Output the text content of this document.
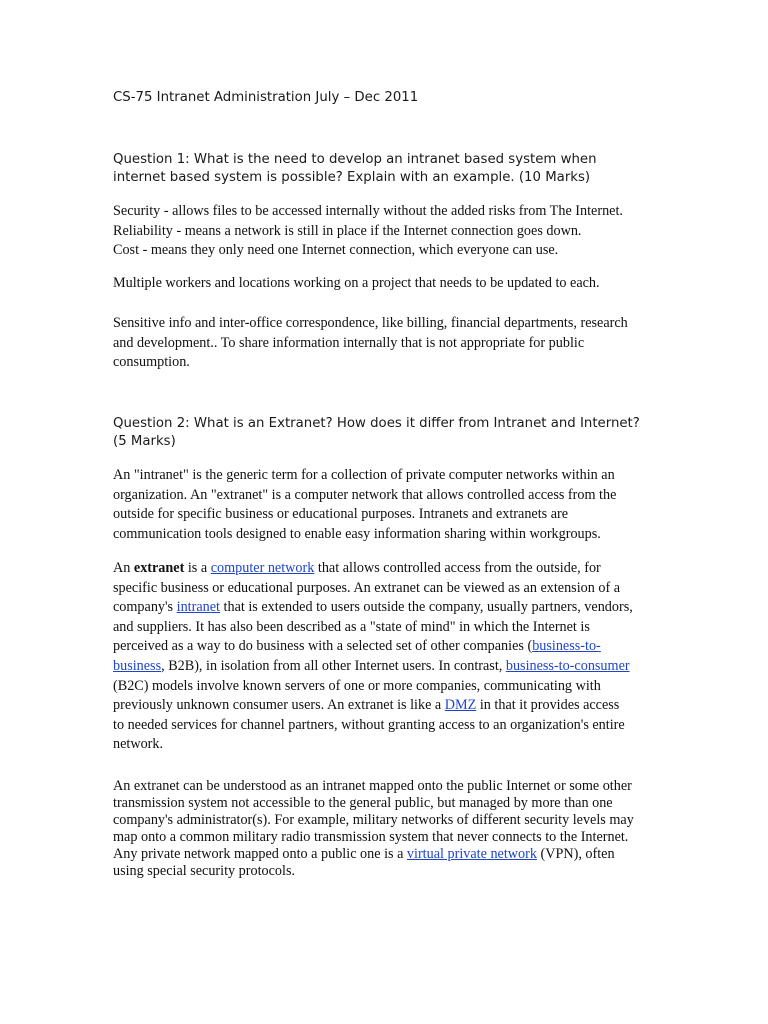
CS-75 Intranet Administration July – Dec 2011
Question 1: What is the need to develop an intranet based system when
internet based system is possible? Explain with an example. (10 Marks)
Security - allows files to be accessed internally without the added risks from The Internet.
Reliability - means a network is still in place if the Internet connection goes down.
Cost - means they only need one Internet connection, which everyone can use.
Multiple workers and locations working on a project that needs to be updated to each.
Sensitive info and inter-office correspondence, like billing, financial departments, research
and development.. To share information internally that is not appropriate for public
consumption.
Question 2: What is an Extranet? How does it differ from Intranet and Internet?
(5 Marks)
An "intranet" is the generic term for a collection of private computer networks within an
organization. An "extranet" is a computer network that allows controlled access from the
outside for specific business or educational purposes. Intranets and extranets are
communication tools designed to enable easy information sharing within workgroups.
An extranet is a computer network that allows controlled access from the outside, for
specific business or educational purposes. An extranet can be viewed as an extension of a
company's intranet that is extended to users outside the company, usually partners, vendors,
and suppliers. It has also been described as a "state of mind" in which the Internet is
perceived as a way to do business with a selected set of other companies (business-to-
business, B2B), in isolation from all other Internet users. In contrast, business-to-consumer
(B2C) models involve known servers of one or more companies, communicating with
previously unknown consumer users. An extranet is like a DMZ in that it provides access
to needed services for channel partners, without granting access to an organization's entire
network.
An extranet can be understood as an intranet mapped onto the public Internet or some other
transmission system not accessible to the general public, but managed by more than one
company's administrator(s). For example, military networks of different security levels may
map onto a common military radio transmission system that never connects to the Internet.
Any private network mapped onto a public one is a virtual private network (VPN), often
using special security protocols.
